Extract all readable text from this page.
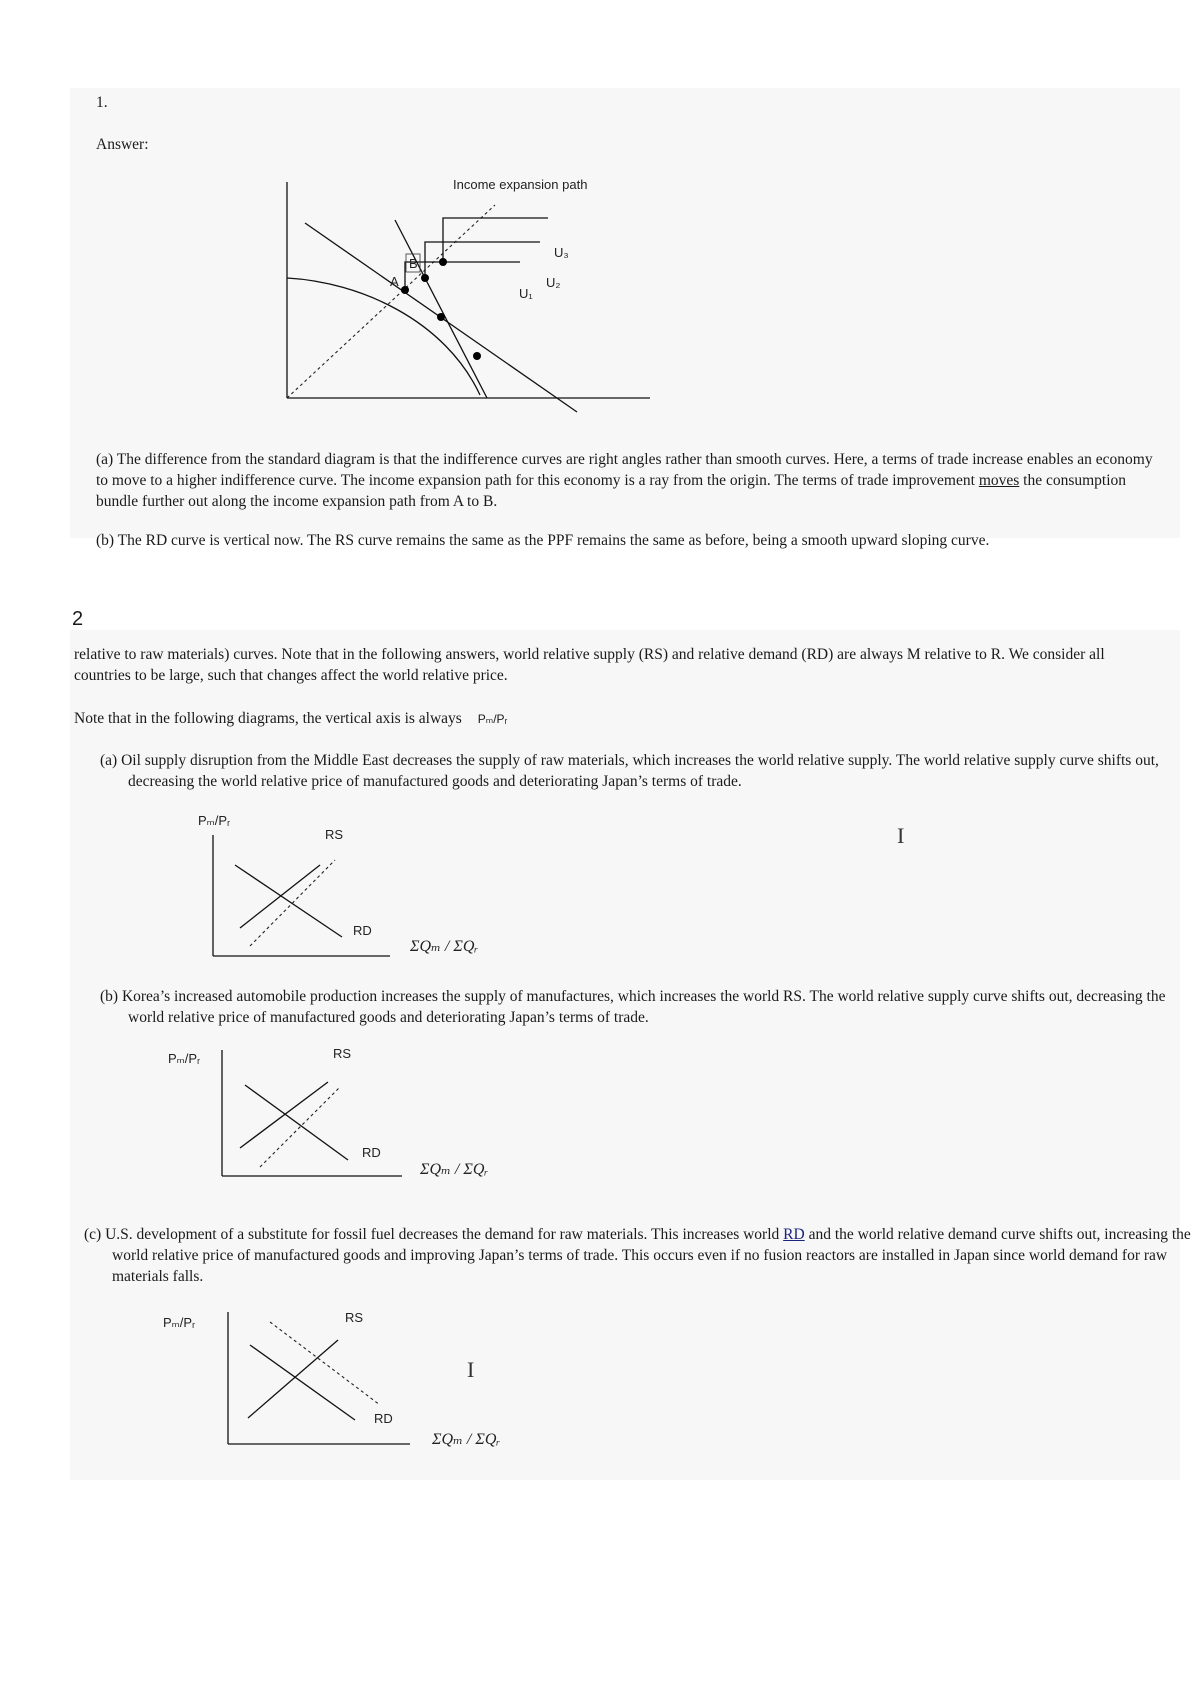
1.
Answer:
Income expansion path
A
B
U₁
U₂
U₃
(a) The difference from the standard diagram is that the indifference curves are right angles rather than smooth curves. Here, a terms of trade increase enables an economy to move to a higher indifference curve. The income expansion path for this economy is a ray from the origin. The terms of trade improvement moves the consumption bundle further out along the income expansion path from A to B.
(b) The RD curve is vertical now. The RS curve remains the same as the PPF remains the same as before, being a smooth upward sloping curve.
2
relative to raw materials) curves. Note that in the following answers, world relative supply (RS) and relative demand (RD) are always M relative to R. We consider all countries to be large, such that changes affect the world relative price.
Note that in the following diagrams, the vertical axis is always Pₘ/Pᵣ
(a) Oil supply disruption from the Middle East decreases the supply of raw materials, which increases the world relative supply. The world relative supply curve shifts out, decreasing the world relative price of manufactured goods and deteriorating Japan’s terms of trade.
I
Pₘ/Pᵣ
RS
RD
ΣQₘ / ΣQᵣ
(b) Korea’s increased automobile production increases the supply of manufactures, which increases the world RS. The world relative supply curve shifts out, decreasing the world relative price of manufactured goods and deteriorating Japan’s terms of trade.
Pₘ/Pᵣ	RS
RD
ΣQₘ / ΣQᵣ
(c) U.S. development of a substitute for fossil fuel decreases the demand for raw materials. This increases world RD and the world relative demand curve shifts out, increasing the world relative price of manufactured goods and improving Japan’s terms of trade. This occurs even if no fusion reactors are installed in Japan since world demand for raw materials falls.
I
Pₘ/Pᵣ	RS
RD
ΣQₘ / ΣQᵣ
